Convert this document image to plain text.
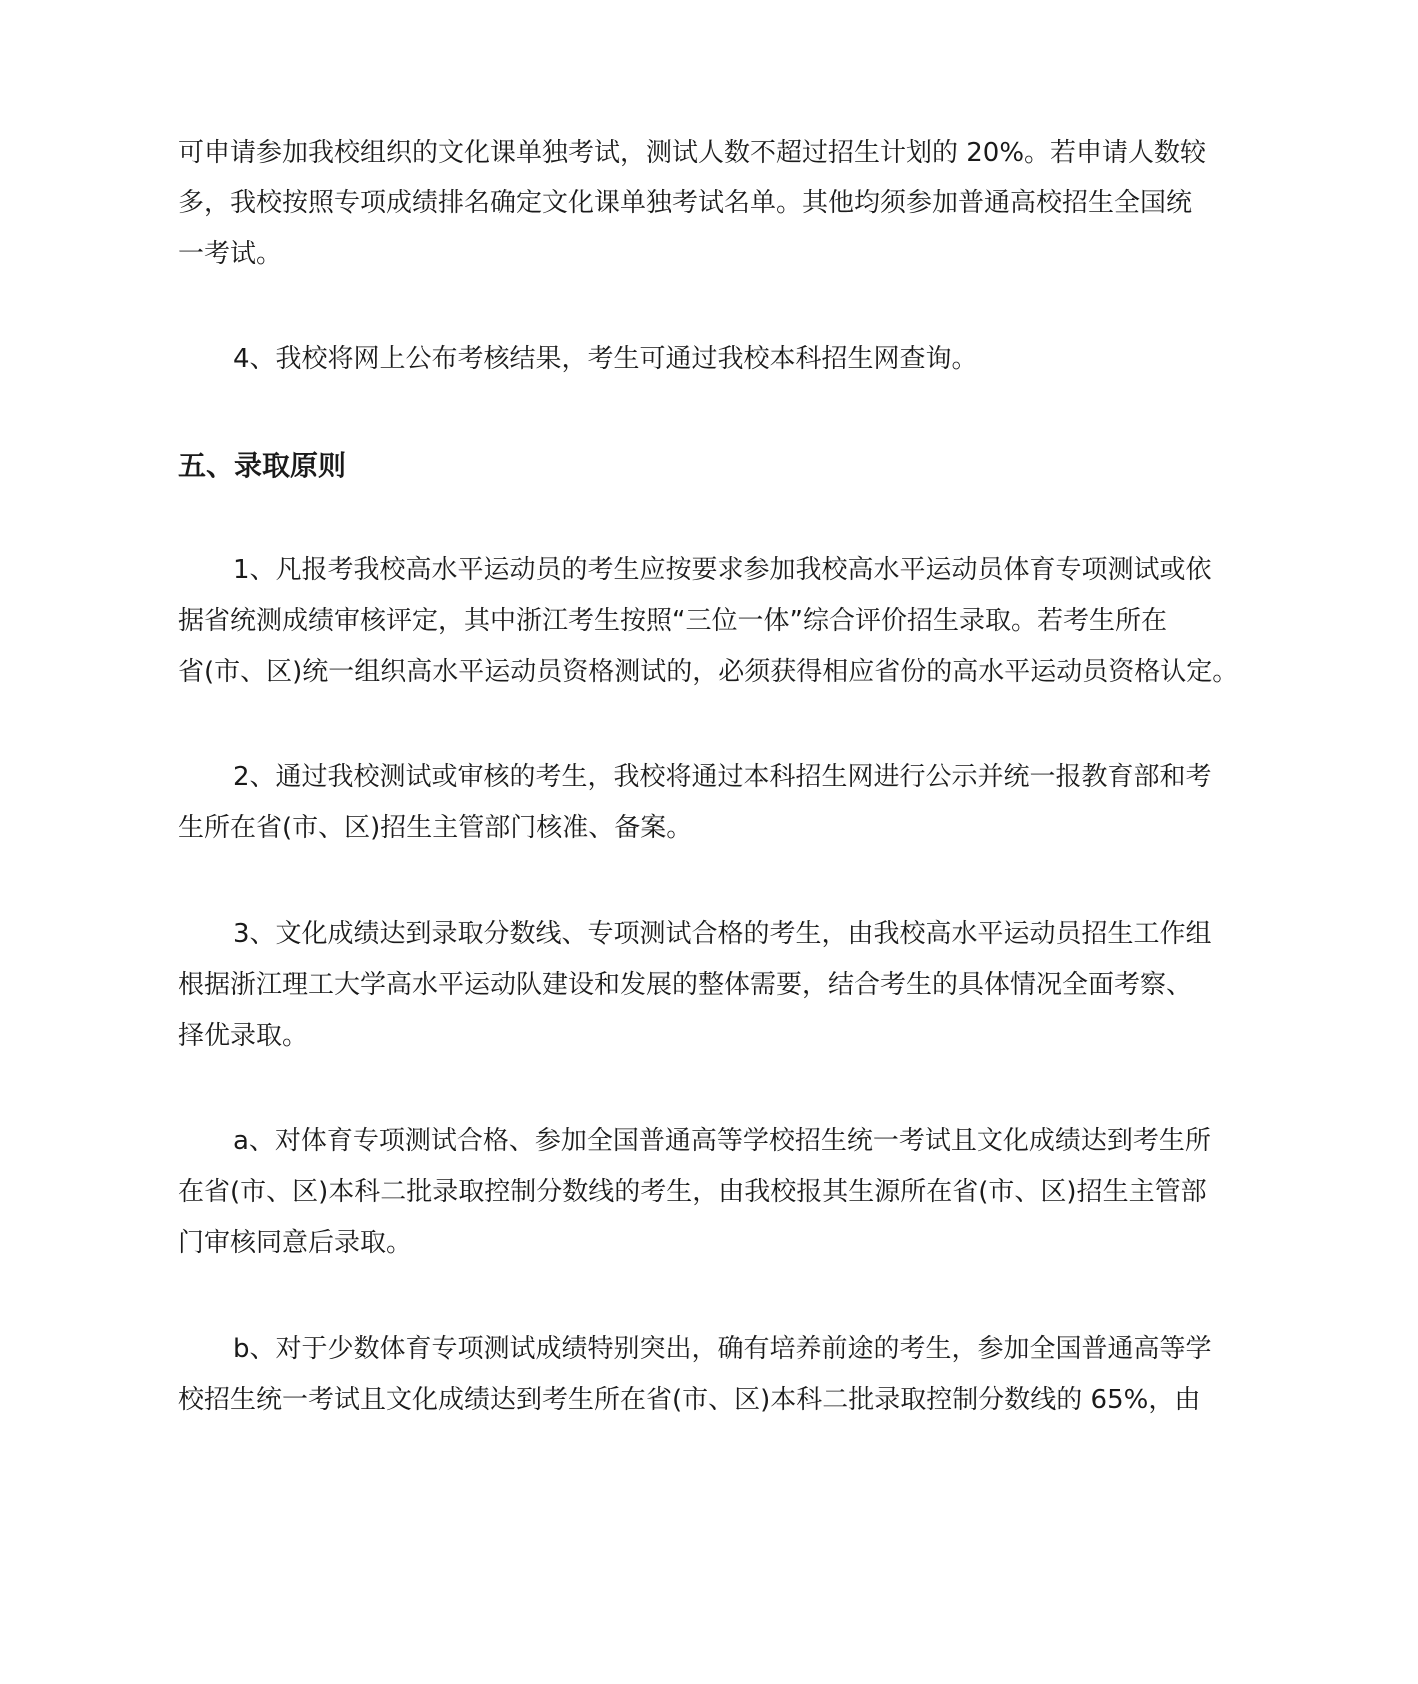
可申请参加我校组织的文化课单独考试，测试人数不超过招生计划的 20%。若申请人数较
多，我校按照专项成绩排名确定文化课单独考试名单。其他均须参加普通高校招生全国统
一考试。
4、我校将网上公布考核结果，考生可通过我校本科招生网查询。
五、录取原则
1、凡报考我校高水平运动员的考生应按要求参加我校高水平运动员体育专项测试或依
据省统测成绩审核评定，其中浙江考生按照“三位一体”综合评价招生录取。若考生所在
省(市、区)统一组织高水平运动员资格测试的，必须获得相应省份的高水平运动员资格认定。
2、通过我校测试或审核的考生，我校将通过本科招生网进行公示并统一报教育部和考
生所在省(市、区)招生主管部门核准、备案。
3、文化成绩达到录取分数线、专项测试合格的考生，由我校高水平运动员招生工作组
根据浙江理工大学高水平运动队建设和发展的整体需要，结合考生的具体情况全面考察、
择优录取。
a、对体育专项测试合格、参加全国普通高等学校招生统一考试且文化成绩达到考生所
在省(市、区)本科二批录取控制分数线的考生，由我校报其生源所在省(市、区)招生主管部
门审核同意后录取。
b、对于少数体育专项测试成绩特别突出，确有培养前途的考生，参加全国普通高等学
校招生统一考试且文化成绩达到考生所在省(市、区)本科二批录取控制分数线的 65%，由
